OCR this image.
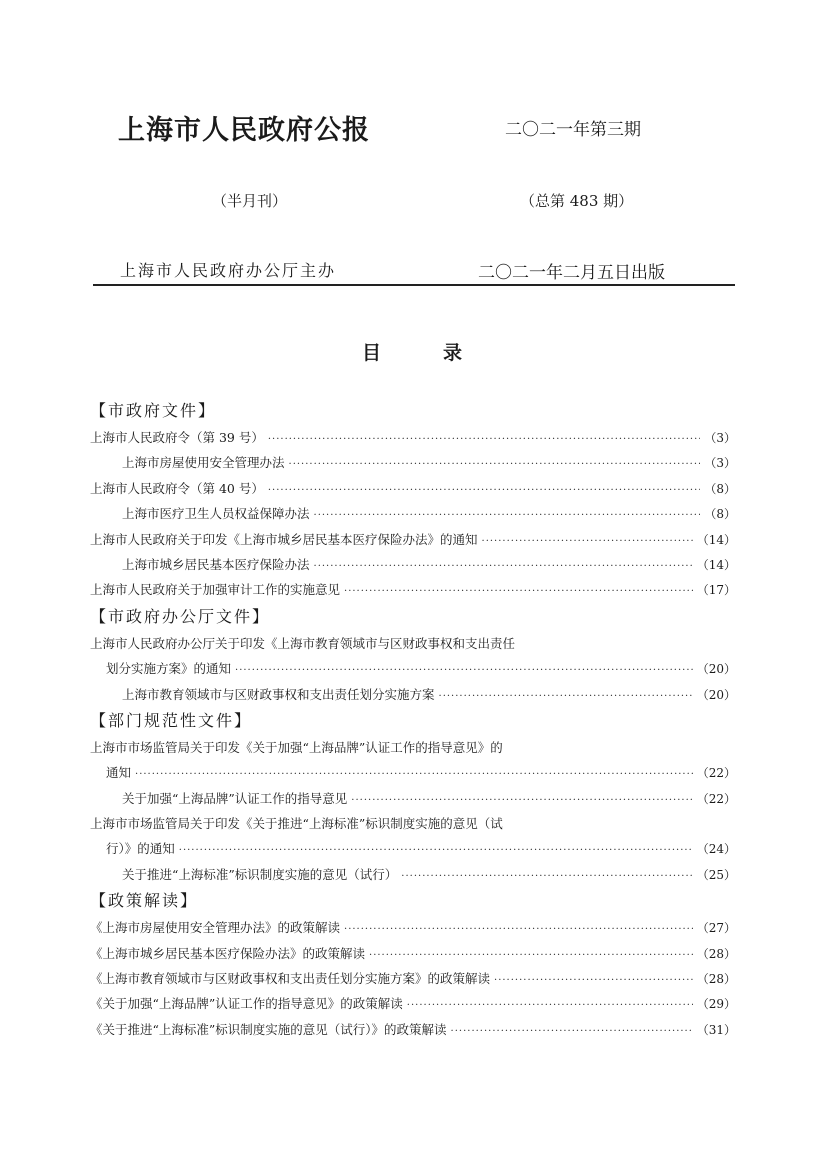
上海市人民政府公报	二〇二一年第三期
（半月刊）	（总第 483 期）
上海市人民政府办公厅主办	二〇二一年二月五日出版
目	录
【市政府文件】
上海市人民政府令（第 39 号） ·····	（3）
上海市房屋使用安全管理办法 ·····	（3）
上海市人民政府令（第 40 号） ·····	（8）
上海市医疗卫生人员权益保障办法 ·····	（8）
上海市人民政府关于印发《上海市城乡居民基本医疗保险办法》的通知 ·····	（14）
上海市城乡居民基本医疗保险办法 ·····	（14）
上海市人民政府关于加强审计工作的实施意见 ·····	（17）
【市政府办公厅文件】
上海市人民政府办公厅关于印发《上海市教育领域市与区财政事权和支出责任
划分实施方案》的通知 ·····	（20）
上海市教育领域市与区财政事权和支出责任划分实施方案 ·····	（20）
【部门规范性文件】
上海市市场监管局关于印发《关于加强“上海品牌”认证工作的指导意见》的
通知 ·····	（22）
关于加强“上海品牌”认证工作的指导意见 ·····	（22）
上海市市场监管局关于印发《关于推进“上海标准”标识制度实施的意见（试
行）》的通知 ·····	（24）
关于推进“上海标准”标识制度实施的意见（试行） ·····	（25）
【政策解读】
《上海市房屋使用安全管理办法》的政策解读 ·····	（27）
《上海市城乡居民基本医疗保险办法》的政策解读 ·····	（28）
《上海市教育领域市与区财政事权和支出责任划分实施方案》的政策解读 ·····	（28）
《关于加强“上海品牌”认证工作的指导意见》的政策解读 ·····	（29）
《关于推进“上海标准”标识制度实施的意见（试行）》的政策解读 ·····	（31）
